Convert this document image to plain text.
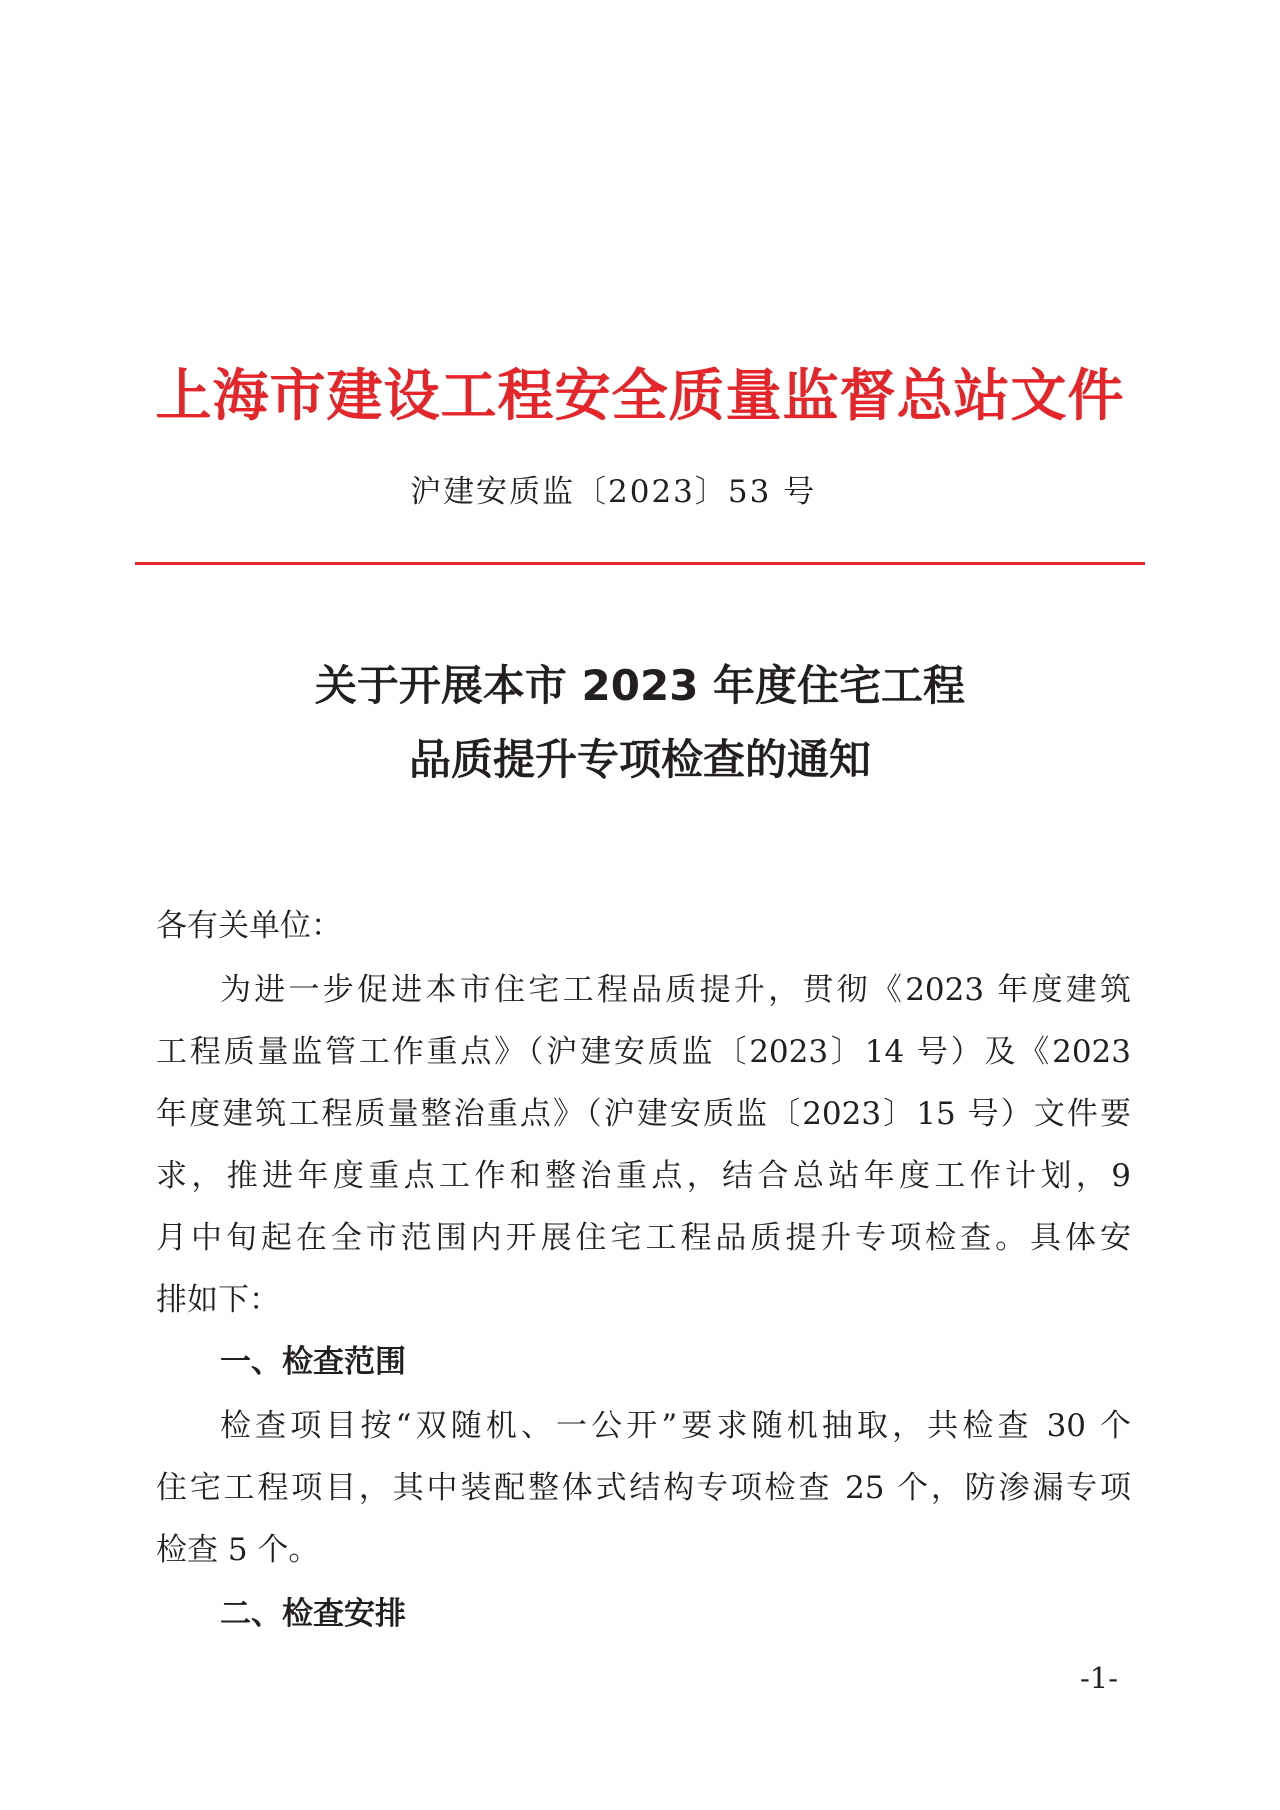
上海市建设工程安全质量监督总站文件
沪建安质监〔2023〕53 号
关于开展本市 2023 年度住宅工程
品质提升专项检查的通知
各有关单位：
为进一步促进本市住宅工程品质提升，贯彻《2023 年度建筑
工程质量监管工作重点》（沪建安质监〔2023〕14 号）及《2023
年度建筑工程质量整治重点》（沪建安质监〔2023〕15 号）文件要
求，推进年度重点工作和整治重点，结合总站年度工作计划，9
月中旬起在全市范围内开展住宅工程品质提升专项检查。具体安
排如下：
一、检查范围
检查项目按“双随机、一公开”要求随机抽取，共检查 30 个
住宅工程项目，其中装配整体式结构专项检查 25 个，防渗漏专项
检查 5 个。
二、检查安排
-1-
